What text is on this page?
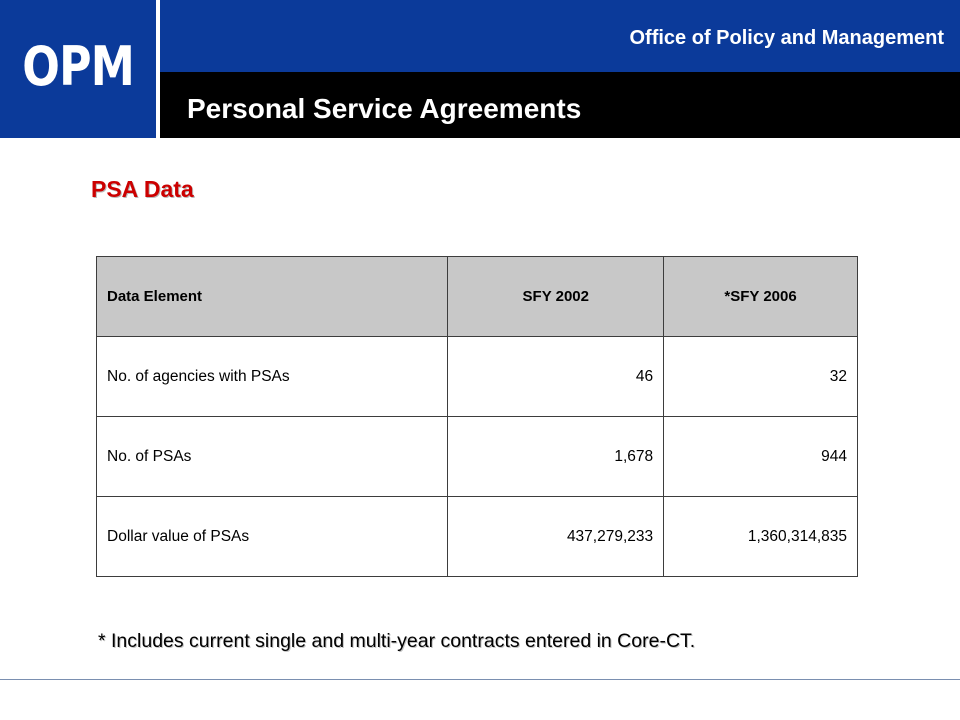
OPM	Office of Policy and Management
Personal Service Agreements
PSA Data
Data Element	SFY 2002	*SFY 2006
No. of agencies with PSAs	46	32
No. of PSAs	1,678	944
Dollar value of PSAs	437,279,233	1,360,314,835
* Includes current single and multi-year contracts entered in Core-CT.
